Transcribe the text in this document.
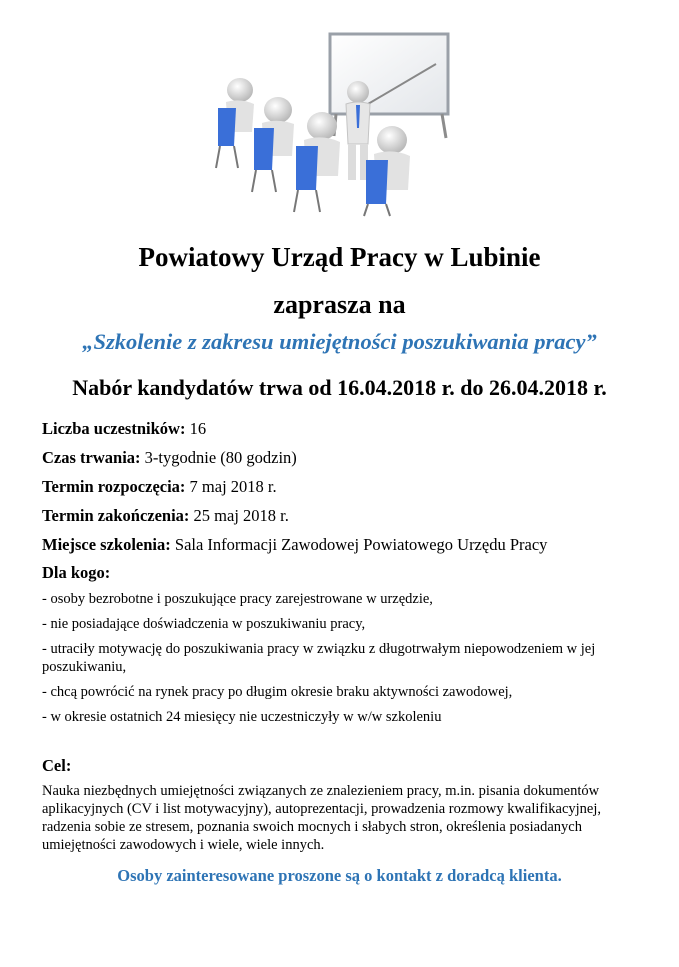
Powiatowy Urząd Pracy w Lubinie
zaprasza na
„Szkolenie z zakresu umiejętności poszukiwania pracy”
Nabór kandydatów trwa od 16.04.2018 r. do 26.04.2018 r.
Liczba uczestników: 16
Czas trwania: 3-tygodnie (80 godzin)
Termin rozpoczęcia: 7 maj 2018 r.
Termin zakończenia: 25 maj 2018 r.
Miejsce szkolenia: Sala Informacji Zawodowej Powiatowego Urzędu Pracy
Dla kogo:
- osoby bezrobotne i poszukujące pracy zarejestrowane w urzędzie,
- nie posiadające doświadczenia w poszukiwaniu pracy,
- utraciły motywację do poszukiwania pracy w związku z długotrwałym niepowodzeniem w jej poszukiwaniu,
- chcą powrócić na rynek pracy po długim okresie braku aktywności zawodowej,
- w okresie ostatnich 24 miesięcy nie uczestniczyły w w/w szkoleniu
Cel:
Nauka niezbędnych umiejętności związanych ze znalezieniem pracy, m.in. pisania dokumentów aplikacyjnych (CV i list motywacyjny), autoprezentacji, prowadzenia rozmowy kwalifikacyjnej, radzenia sobie ze stresem, poznania swoich mocnych i słabych stron, określenia posiadanych umiejętności zawodowych i wiele, wiele innych.
Osoby zainteresowane proszone są o kontakt z doradcą klienta.
